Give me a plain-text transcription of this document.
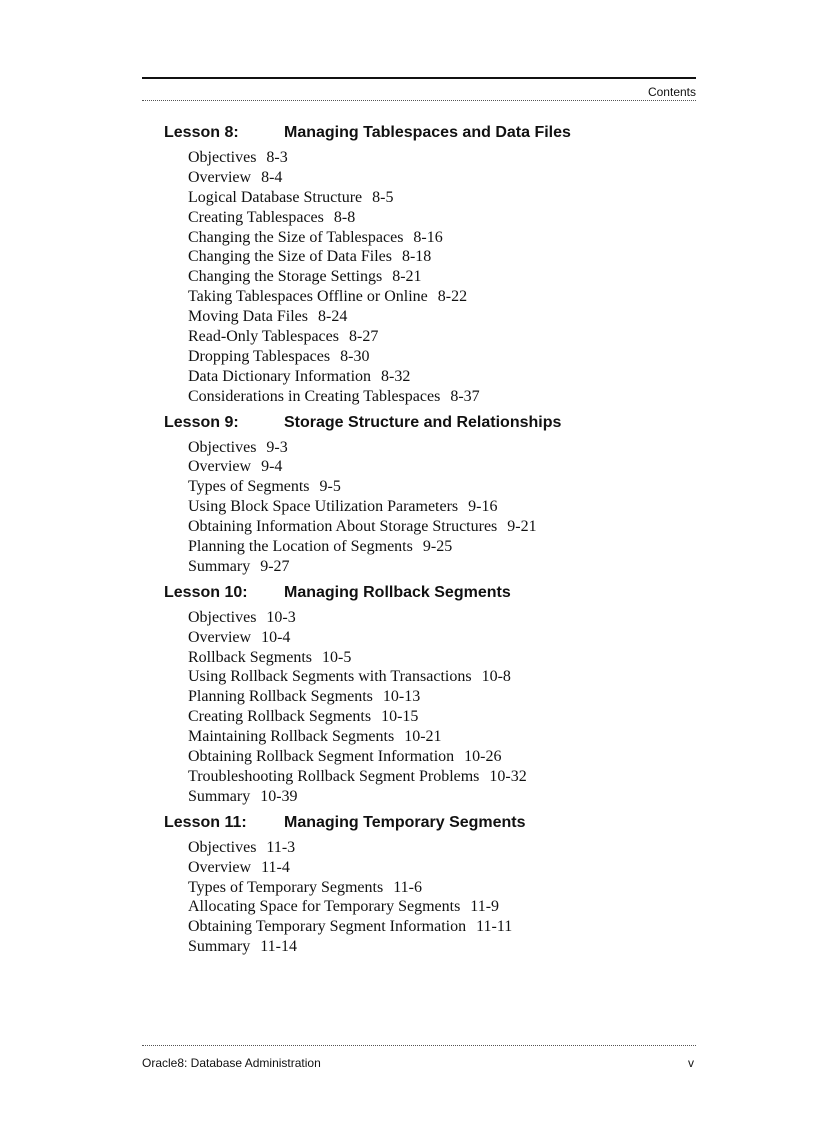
Contents
Lesson 8:	Managing Tablespaces and Data Files
Objectives 8-3
Overview 8-4
Logical Database Structure 8-5
Creating Tablespaces 8-8
Changing the Size of Tablespaces 8-16
Changing the Size of Data Files 8-18
Changing the Storage Settings 8-21
Taking Tablespaces Offline or Online 8-22
Moving Data Files 8-24
Read-Only Tablespaces 8-27
Dropping Tablespaces 8-30
Data Dictionary Information 8-32
Considerations in Creating Tablespaces 8-37
Lesson 9:	Storage Structure and Relationships
Objectives 9-3
Overview 9-4
Types of Segments 9-5
Using Block Space Utilization Parameters 9-16
Obtaining Information About Storage Structures 9-21
Planning the Location of Segments 9-25
Summary 9-27
Lesson 10:	Managing Rollback Segments
Objectives 10-3
Overview 10-4
Rollback Segments 10-5
Using Rollback Segments with Transactions 10-8
Planning Rollback Segments 10-13
Creating Rollback Segments 10-15
Maintaining Rollback Segments 10-21
Obtaining Rollback Segment Information 10-26
Troubleshooting Rollback Segment Problems 10-32
Summary 10-39
Lesson 11:	Managing Temporary Segments
Objectives 11-3
Overview 11-4
Types of Temporary Segments 11-6
Allocating Space for Temporary Segments 11-9
Obtaining Temporary Segment Information 11-11
Summary 11-14
Oracle8: Database Administration	v
